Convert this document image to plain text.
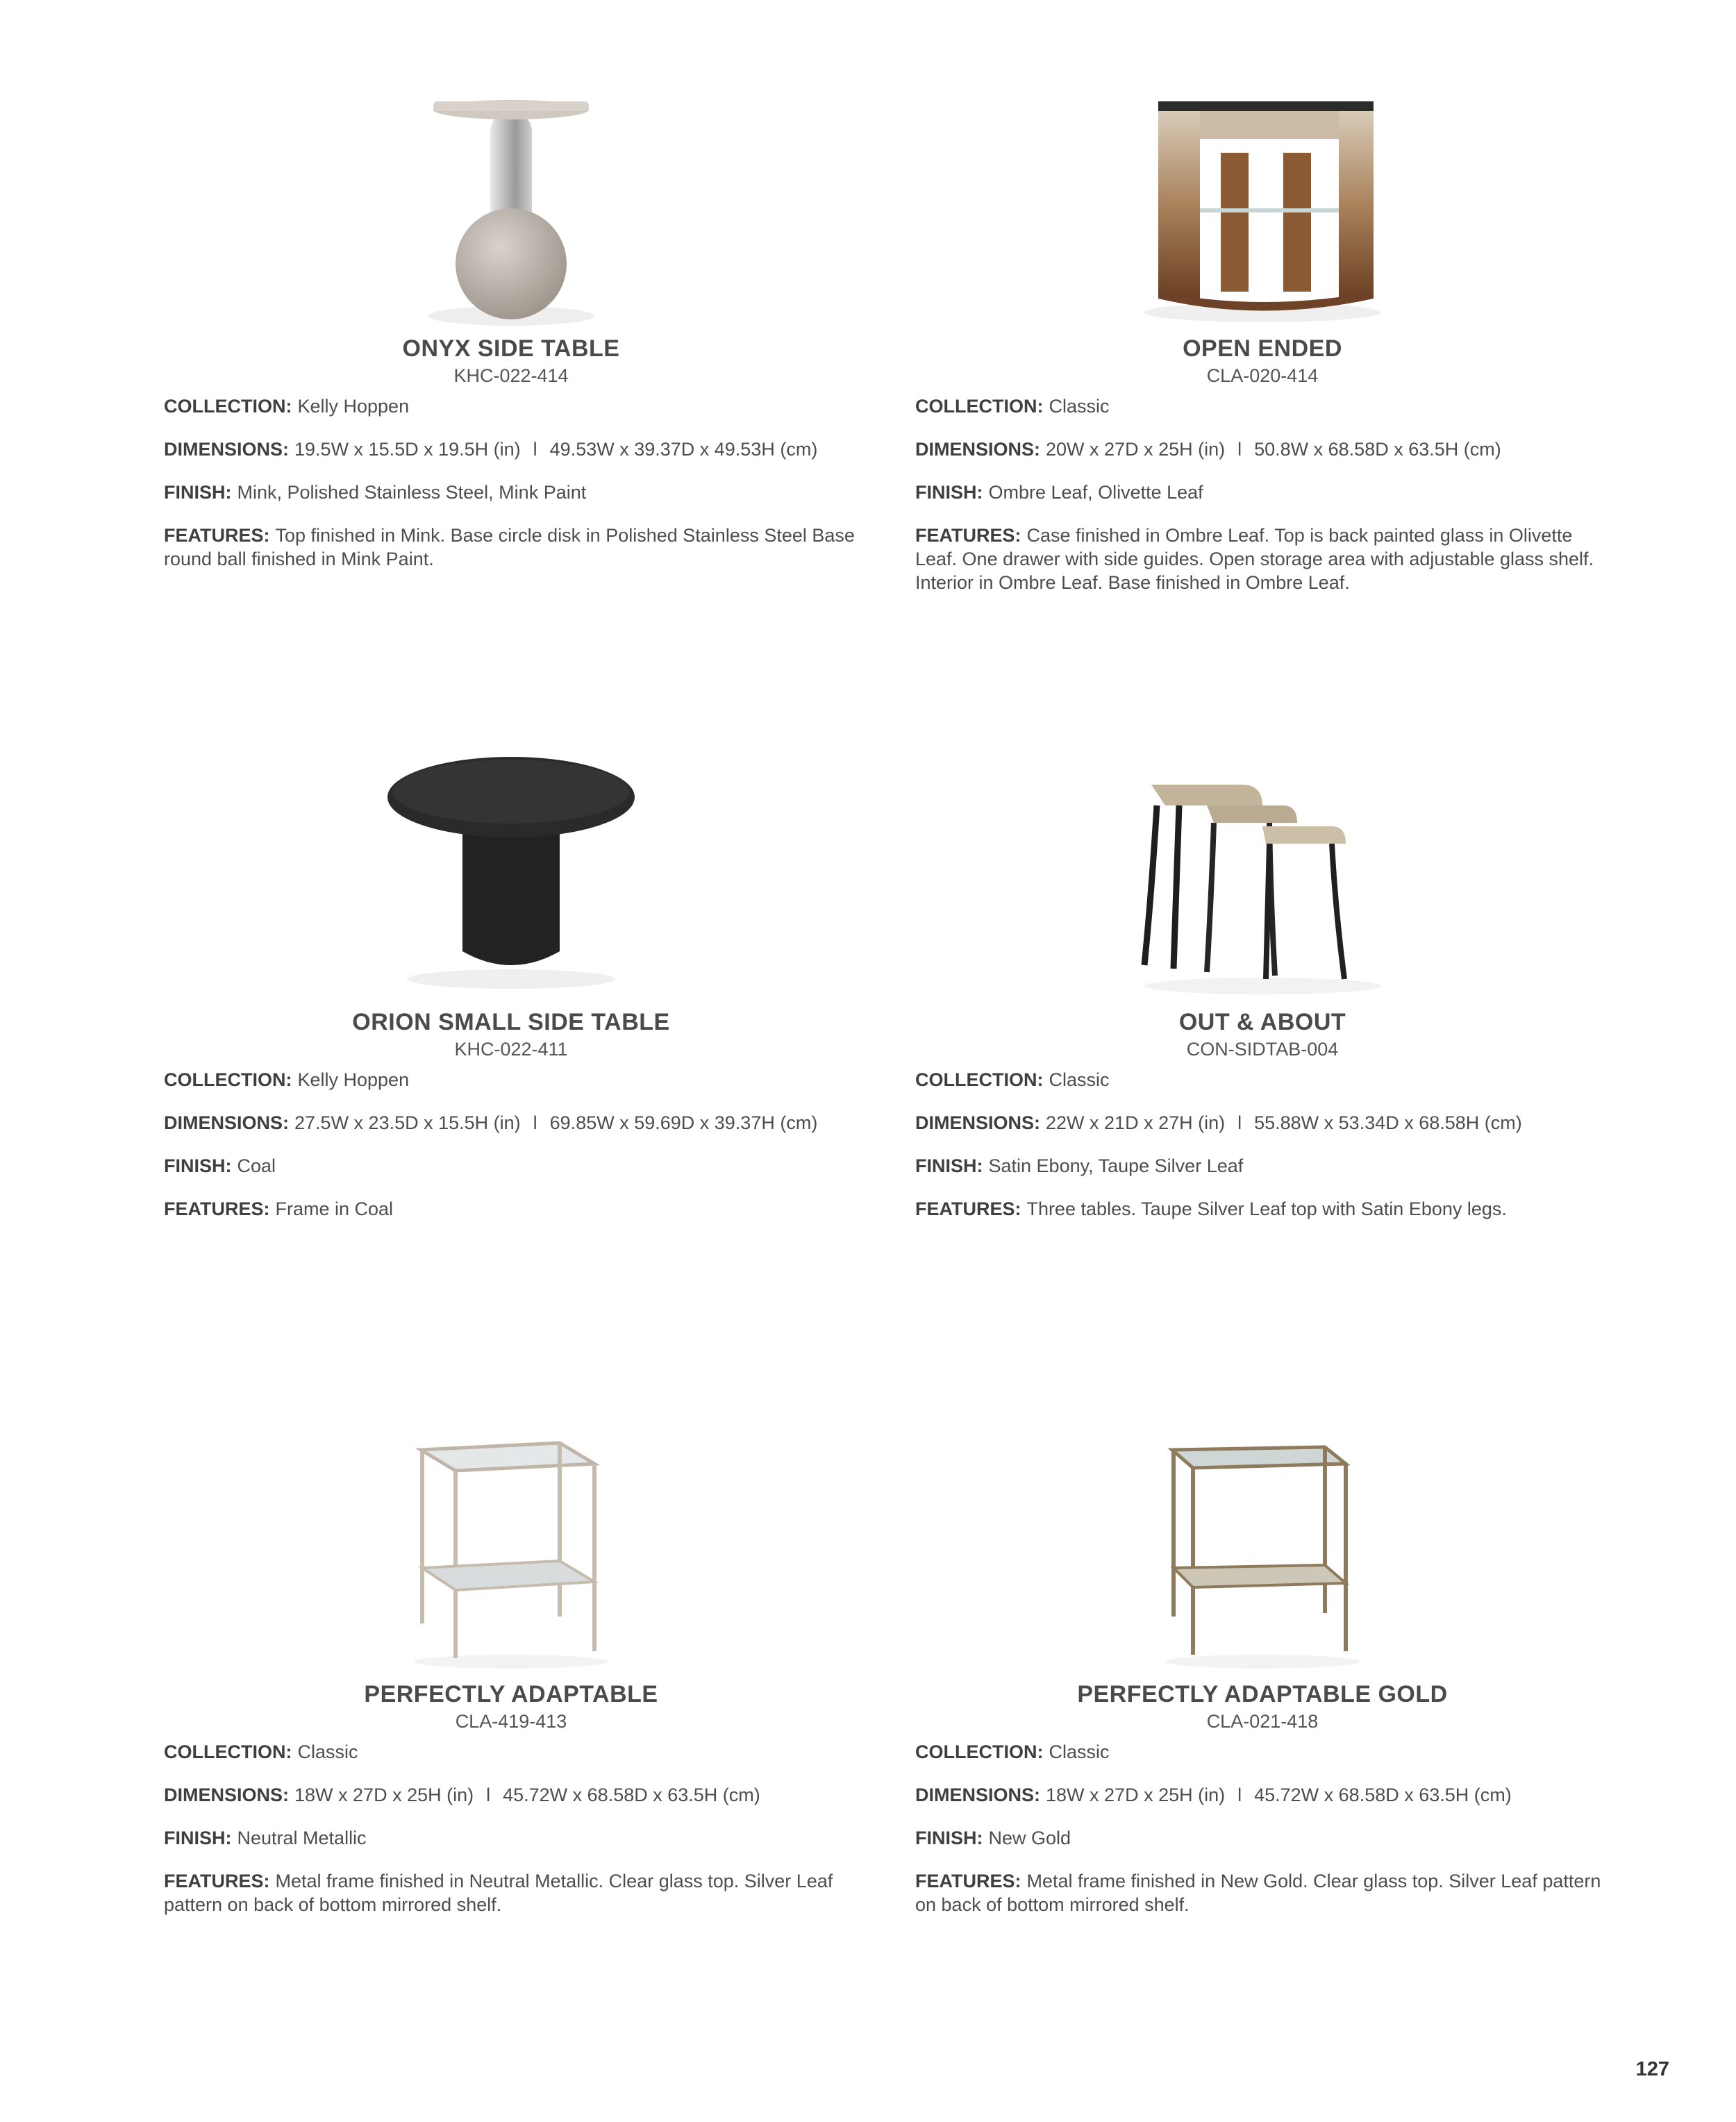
ONYX SIDE TABLE
KHC-022-414
COLLECTION: Kelly Hoppen
DIMENSIONS: 19.5W x 15.5D x 19.5H (in) l 49.53W x 39.37D x 49.53H (cm)
FINISH: Mink, Polished Stainless Steel, Mink Paint
FEATURES: Top finished in Mink. Base circle disk in Polished Stainless Steel Base round ball finished in Mink Paint.
OPEN ENDED
CLA-020-414
COLLECTION: Classic
DIMENSIONS: 20W x 27D x 25H (in) l 50.8W x 68.58D x 63.5H (cm)
FINISH: Ombre Leaf, Olivette Leaf
FEATURES: Case finished in Ombre Leaf. Top is back painted glass in Olivette Leaf. One drawer with side guides. Open storage area with adjustable glass shelf. Interior in Ombre Leaf. Base finished in Ombre Leaf.
ORION SMALL SIDE TABLE
KHC-022-411
COLLECTION: Kelly Hoppen
DIMENSIONS: 27.5W x 23.5D x 15.5H (in) l 69.85W x 59.69D x 39.37H (cm)
FINISH: Coal
FEATURES: Frame in Coal
OUT & ABOUT
CON-SIDTAB-004
COLLECTION: Classic
DIMENSIONS: 22W x 21D x 27H (in) l 55.88W x 53.34D x 68.58H (cm)
FINISH: Satin Ebony, Taupe Silver Leaf
FEATURES: Three tables. Taupe Silver Leaf top with Satin Ebony legs.
PERFECTLY ADAPTABLE
CLA-419-413
COLLECTION: Classic
DIMENSIONS: 18W x 27D x 25H (in) l 45.72W x 68.58D x 63.5H (cm)
FINISH: Neutral Metallic
FEATURES: Metal frame finished in Neutral Metallic. Clear glass top. Silver Leaf pattern on back of bottom mirrored shelf.
PERFECTLY ADAPTABLE GOLD
CLA-021-418
COLLECTION: Classic
DIMENSIONS: 18W x 27D x 25H (in) l 45.72W x 68.58D x 63.5H (cm)
FINISH: New Gold
FEATURES: Metal frame finished in New Gold. Clear glass top. Silver Leaf pattern on back of bottom mirrored shelf.
127
